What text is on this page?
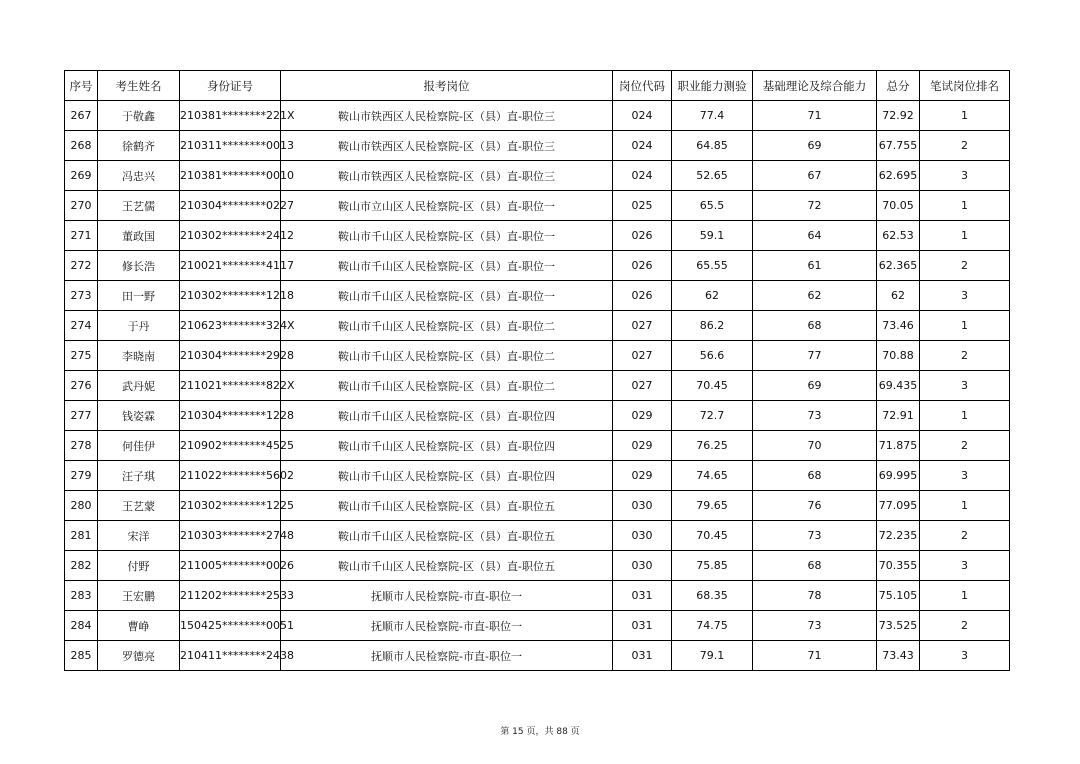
序号	考生姓名	身份证号	报考岗位	岗位代码	职业能力测验	基础理论及综合能力	总分	笔试岗位排名
267	于敬鑫	210381********221X	鞍山市铁西区人民检察院-区（县）直-职位三	024	77.4	71	72.92	1
268	徐鹤齐	210311********0013	鞍山市铁西区人民检察院-区（县）直-职位三	024	64.85	69	67.755	2
269	冯忠兴	210381********0010	鞍山市铁西区人民检察院-区（县）直-职位三	024	52.65	67	62.695	3
270	王艺儒	210304********0227	鞍山市立山区人民检察院-区（县）直-职位一	025	65.5	72	70.05	1
271	董政国	210302********2412	鞍山市千山区人民检察院-区（县）直-职位一	026	59.1	64	62.53	1
272	修长浩	210021********4117	鞍山市千山区人民检察院-区（县）直-职位一	026	65.55	61	62.365	2
273	田一野	210302********1218	鞍山市千山区人民检察院-区（县）直-职位一	026	62	62	62	3
274	于丹	210623********324X	鞍山市千山区人民检察院-区（县）直-职位二	027	86.2	68	73.46	1
275	李晓南	210304********2928	鞍山市千山区人民检察院-区（县）直-职位二	027	56.6	77	70.88	2
276	武丹妮	211021********822X	鞍山市千山区人民检察院-区（县）直-职位二	027	70.45	69	69.435	3
277	钱姿霖	210304********1228	鞍山市千山区人民检察院-区（县）直-职位四	029	72.7	73	72.91	1
278	何佳伊	210902********4525	鞍山市千山区人民检察院-区（县）直-职位四	029	76.25	70	71.875	2
279	汪子琪	211022********5602	鞍山市千山区人民检察院-区（县）直-职位四	029	74.65	68	69.995	3
280	王艺蒙	210302********1225	鞍山市千山区人民检察院-区（县）直-职位五	030	79.65	76	77.095	1
281	宋洋	210303********2748	鞍山市千山区人民检察院-区（县）直-职位五	030	70.45	73	72.235	2
282	付野	211005********0026	鞍山市千山区人民检察院-区（县）直-职位五	030	75.85	68	70.355	3
283	王宏鹏	211202********2533	抚顺市人民检察院-市直-职位一	031	68.35	78	75.105	1
284	曹峥	150425********0051	抚顺市人民检察院-市直-职位一	031	74.75	73	73.525	2
285	罗德亮	210411********2438	抚顺市人民检察院-市直-职位一	031	79.1	71	73.43	3
第 15 页，共 88 页
